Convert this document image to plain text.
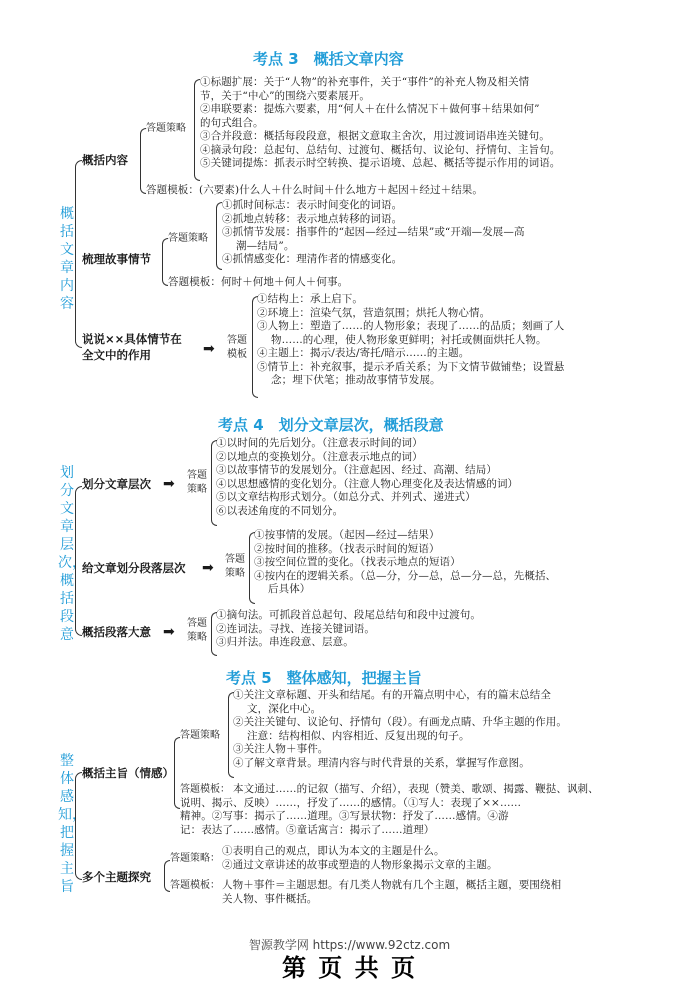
考点 3　概括文章内容
概括文章内容
概括内容
答题策略
①标题扩展：关于“人物”的补充事件，关于“事件”的补充人物及相关情
节，关于“中心”的围绕六要素展开。
②串联要素：提炼六要素，用“何人＋在什么情况下＋做何事＋结果如何”
的句式组合。
③合并段意：概括每段段意，根据文意取主舍次，用过渡词语串连关键句。
④摘录句段：总起句、总结句、过渡句、概括句、议论句、抒情句、主旨句。
⑤关键词提炼：抓表示时空转换、提示语境、总起、概括等提示作用的词语。
答题模板：(六要素)什么人＋什么时间＋什么地方＋起因＋经过＋结果。
梳理故事情节
答题策略
①抓时间标志：表示时间变化的词语。
②抓地点转移：表示地点转移的词语。
③抓情节发展：指事件的“起因—经过—结果”或“开端—发展—高
潮—结局”。
④抓情感变化：理清作者的情感变化。
答题模板：何时＋何地＋何人＋何事。
说说××具体情节在
全文中的作用	➡
答题
模板
①结构上：承上启下。
②环境上：渲染气氛，营造氛围；烘托人物心情。
③人物上：塑造了……的人物形象；表现了……的品质；刻画了人
物……的心理，使人物形象更鲜明；衬托或侧面烘托人物。
④主题上：揭示/表达/寄托/暗示……的主题。
⑤情节上：补充叙事，提示矛盾关系；为下文情节做铺垫；设置悬
念；埋下伏笔；推动故事情节发展。
考点 4　划分文章层次，概括段意
划分文章层次，概括段意
划分文章层次 ➡
答题
策略
①以时间的先后划分。（注意表示时间的词）
②以地点的变换划分。（注意表示地点的词）
③以故事情节的发展划分。（注意起因、经过、高潮、结局）
④以思想感情的变化划分。（注意人物心理变化及表达情感的词）
⑤以文章结构形式划分。（如总分式、并列式、递进式）
⑥以表述角度的不同划分。
给文章划分段落层次 ➡
答题
策略
①按事情的发展。（起因—经过—结果）
②按时间的推移。（找表示时间的短语）
③按空间位置的变化。（找表示地点的短语）
④按内在的逻辑关系。（总—分，分—总，总—分—总，先概括、
后具体）
概括段落大意 ➡
答题
策略
①摘句法。可抓段首总起句、段尾总结句和段中过渡句。
②连词法。寻找、连接关键词语。
③归并法。串连段意、层意。
考点 5　整体感知，把握主旨
整体感知，把握主旨
概括主旨（情感）
答题策略
①关注文章标题、开头和结尾。有的开篇点明中心，有的篇末总结全
文，深化中心。
②关注关键句、议论句、抒情句（段）。有画龙点睛、升华主题的作用。
注意：结构相似、内容相近、反复出现的句子。
③关注人物＋事件。
④了解文章背景。理清内容与时代背景的关系，掌握写作意图。
答题模板： 本文通过……的记叙（描写、介绍），表现（赞美、歌颂、揭露、鞭挞、讽刺、
说明、揭示、反映）……，抒发了……的感情。（①写人：表现了××……
精神。②写事：揭示了……道理。③写景状物：抒发了……感情。④游
记：表达了……感情。⑤童话寓言：揭示了……道理）
多个主题探究
答题策略：
①表明自己的观点，即认为本文的主题是什么。
②通过文章讲述的故事或塑造的人物形象揭示文章的主题。
答题模板： 人物＋事件＝主题思想。有几类人物就有几个主题，概括主题，要围绕相
关人物、事件概括。
智源教学网 https://www.92ctz.com
第 页 共 页
